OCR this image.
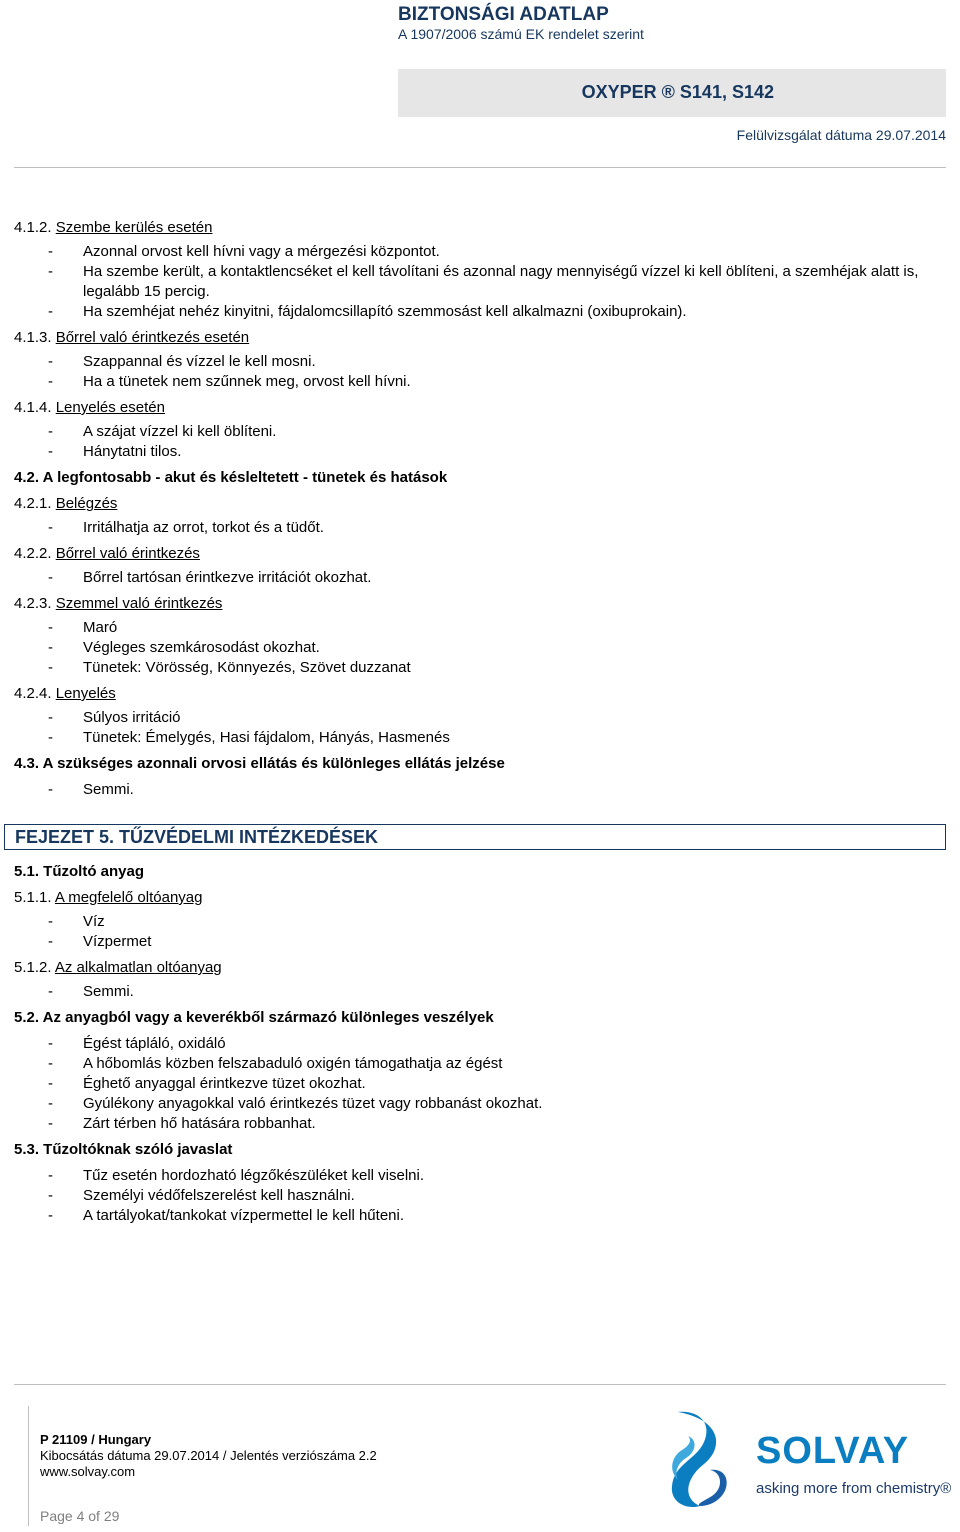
BIZTONSÁGI ADATLAP
A 1907/2006 számú EK rendelet szerint
OXYPER ® S141, S142
Felülvizsgálat dátuma 29.07.2014
4.1.2. Szembe kerülés esetén
- Azonnal orvost kell hívni vagy a mérgezési központot.
- Ha szembe került, a kontaktlencséket el kell távolítani és azonnal nagy mennyiségű vízzel ki kell öblíteni, a szemhéjak alatt is, legalább 15 percig.
- Ha szemhéjat nehéz kinyitni, fájdalomcsillapító szemmosást kell alkalmazni (oxibuprokain).
4.1.3. Bőrrel való érintkezés esetén
- Szappannal és vízzel le kell mosni.
- Ha a tünetek nem szűnnek meg, orvost kell hívni.
4.1.4. Lenyelés esetén
- A szájat vízzel ki kell öblíteni.
- Hánytatni tilos.
4.2. A legfontosabb - akut és késleltetett - tünetek és hatások
4.2.1. Belégzés
- Irritálhatja az orrot, torkot és a tüdőt.
4.2.2. Bőrrel való érintkezés
- Bőrrel tartósan érintkezve irritációt okozhat.
4.2.3. Szemmel való érintkezés
- Maró
- Végleges szemkárosodást okozhat.
- Tünetek: Vörösség, Könnyezés, Szövet duzzanat
4.2.4. Lenyelés
- Súlyos irritáció
- Tünetek: Émelygés, Hasi fájdalom, Hányás, Hasmenés
4.3. A szükséges azonnali orvosi ellátás és különleges ellátás jelzése
- Semmi.
FEJEZET 5. TŰZVÉDELMI INTÉZKEDÉSEK
5.1. Tűzoltó anyag
5.1.1. A megfelelő oltóanyag
- Víz
- Vízpermet
5.1.2. Az alkalmatlan oltóanyag
- Semmi.
5.2. Az anyagból vagy a keverékből származó különleges veszélyek
- Égést tápláló, oxidáló
- A hőbomlás közben felszabaduló oxigén támogathatja az égést
- Éghető anyaggal érintkezve tüzet okozhat.
- Gyúlékony anyagokkal való érintkezés tüzet vagy robbanást okozhat.
- Zárt térben hő hatására robbanhat.
5.3. Tűzoltóknak szóló javaslat
- Tűz esetén hordozható légzőkészüléket kell viselni.
- Személyi védőfelszerelést kell használni.
- A tartályokat/tankokat vízpermettel le kell hűteni.
P 21109 / Hungary
Kibocsátás dátuma 29.07.2014 / Jelentés verziószáma 2.2
www.solvay.com
Page 4 of 29
SOLVAY
asking more from chemistry®
